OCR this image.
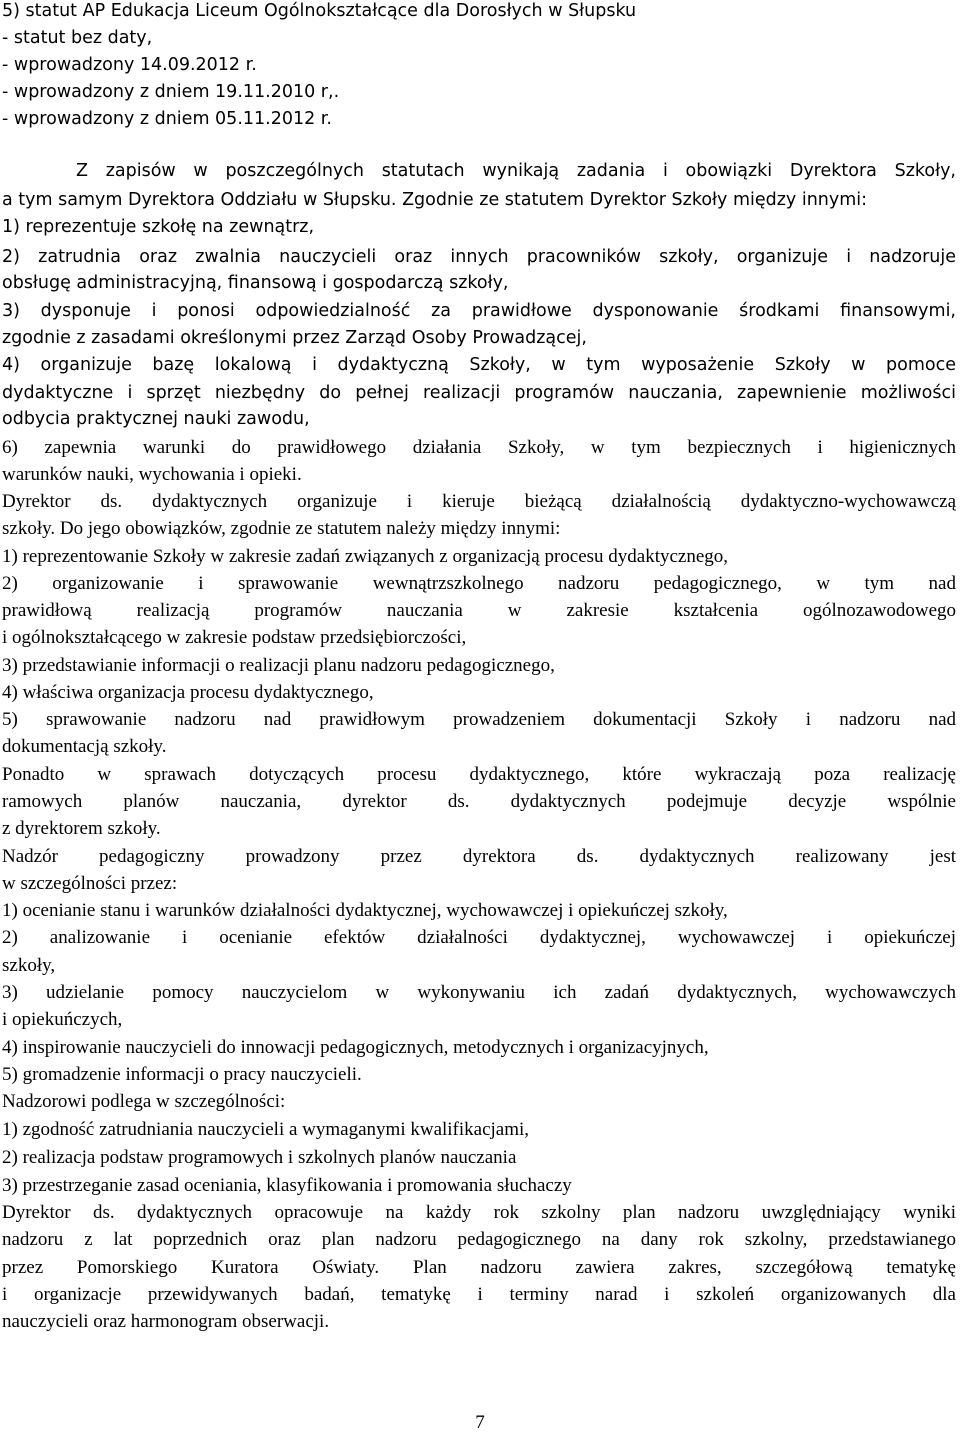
5) statut AP Edukacja Liceum Ogólnokształcące dla Dorosłych w Słupsku
- statut bez daty,
- wprowadzony 14.09.2012 r.
- wprowadzony z dniem 19.11.2010 r,.
- wprowadzony z dniem 05.11.2012 r.
Z zapisów w poszczególnych statutach wynikają zadania i obowiązki Dyrektora Szkoły,
a tym samym Dyrektora Oddziału w Słupsku. Zgodnie ze statutem Dyrektor Szkoły między innymi:
1) reprezentuje szkołę na zewnątrz,
2) zatrudnia oraz zwalnia nauczycieli oraz innych pracowników szkoły, organizuje i nadzoruje
obsługę administracyjną, finansową i gospodarczą szkoły,
3) dysponuje i ponosi odpowiedzialność za prawidłowe dysponowanie środkami finansowymi,
zgodnie z zasadami określonymi przez Zarząd Osoby Prowadzącej,
4) organizuje bazę lokalową i dydaktyczną Szkoły, w tym wyposażenie Szkoły w pomoce
dydaktyczne i sprzęt niezbędny do pełnej realizacji programów nauczania, zapewnienie możliwości
odbycia praktycznej nauki zawodu,
6) zapewnia warunki do prawidłowego działania Szkoły, w tym bezpiecznych i higienicznych
warunków nauki, wychowania i opieki.
Dyrektor ds. dydaktycznych organizuje i kieruje bieżącą działalnością dydaktyczno-wychowawczą
szkoły. Do jego obowiązków, zgodnie ze statutem należy między innymi:
1) reprezentowanie Szkoły w zakresie zadań związanych z organizacją procesu dydaktycznego,
2) organizowanie i sprawowanie wewnątrzszkolnego nadzoru pedagogicznego, w tym nad
prawidłową realizacją programów nauczania w zakresie kształcenia ogólnozawodowego
i ogólnokształcącego w zakresie podstaw przedsiębiorczości,
3) przedstawianie informacji o realizacji planu nadzoru pedagogicznego,
4) właściwa organizacja procesu dydaktycznego,
5) sprawowanie nadzoru nad prawidłowym prowadzeniem dokumentacji Szkoły i nadzoru nad
dokumentacją szkoły.
Ponadto w sprawach dotyczących procesu dydaktycznego, które wykraczają poza realizację
ramowych planów nauczania, dyrektor ds. dydaktycznych podejmuje decyzje wspólnie
z dyrektorem szkoły.
Nadzór pedagogiczny prowadzony przez dyrektora ds. dydaktycznych realizowany jest
w szczególności przez:
1) ocenianie stanu i warunków działalności dydaktycznej, wychowawczej i opiekuńczej szkoły,
2) analizowanie i ocenianie efektów działalności dydaktycznej, wychowawczej i opiekuńczej
szkoły,
3) udzielanie pomocy nauczycielom w wykonywaniu ich zadań dydaktycznych, wychowawczych
i opiekuńczych,
4) inspirowanie nauczycieli do innowacji pedagogicznych, metodycznych i organizacyjnych,
5) gromadzenie informacji o pracy nauczycieli.
Nadzorowi podlega w szczególności:
1) zgodność zatrudniania nauczycieli a wymaganymi kwalifikacjami,
2) realizacja podstaw programowych i szkolnych planów nauczania
3) przestrzeganie zasad oceniania, klasyfikowania i promowania słuchaczy
Dyrektor ds. dydaktycznych opracowuje na każdy rok szkolny plan nadzoru uwzględniający wyniki
nadzoru z lat poprzednich oraz plan nadzoru pedagogicznego na dany rok szkolny, przedstawianego
przez Pomorskiego Kuratora Oświaty. Plan nadzoru zawiera zakres, szczegółową tematykę
i organizacje przewidywanych badań, tematykę i terminy narad i szkoleń organizowanych dla
nauczycieli oraz harmonogram obserwacji.
7
